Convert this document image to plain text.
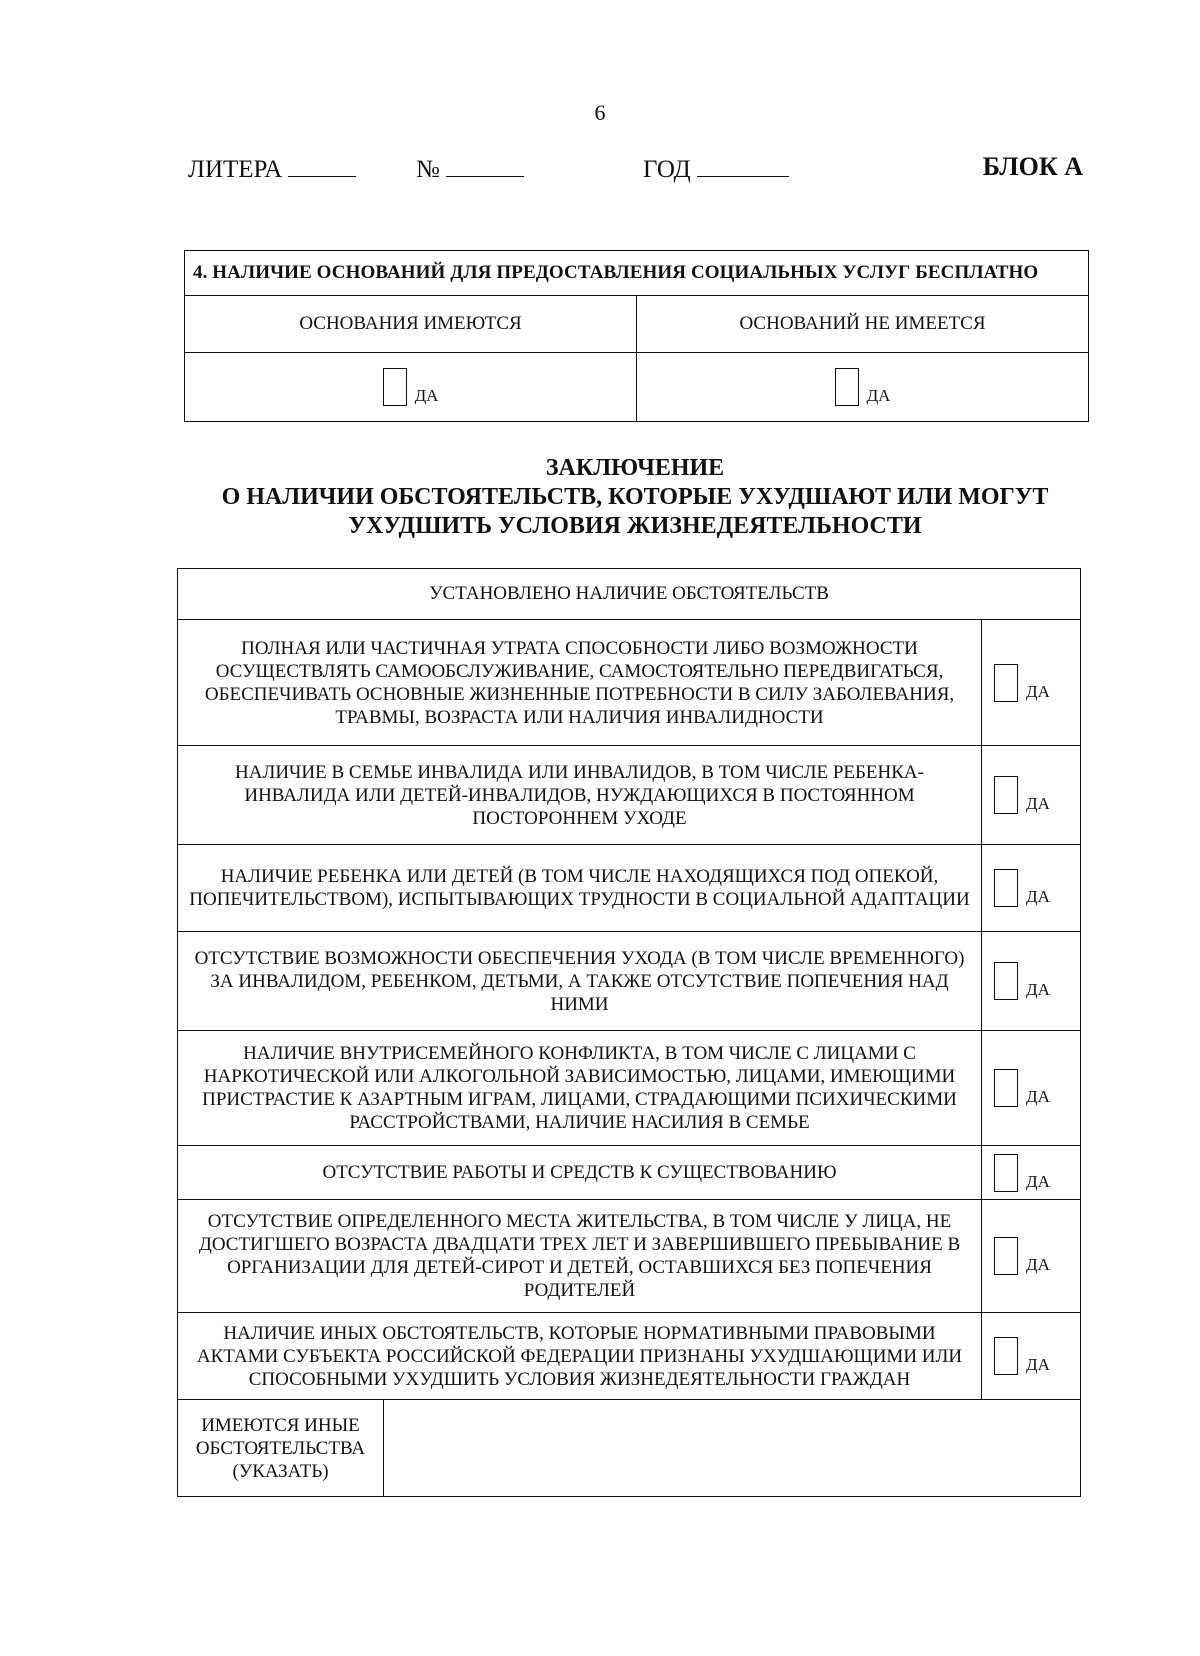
6
ЛИТЕРА	№	ГОД	БЛОК А
4. НАЛИЧИЕ ОСНОВАНИЙ ДЛЯ ПРЕДОСТАВЛЕНИЯ СОЦИАЛЬНЫХ УСЛУГ БЕСПЛАТНО	
ОСНОВАНИЯ ИМЕЮТСЯ	ОСНОВАНИЙ НЕ ИМЕЕТСЯ
ДА	ДА
ЗАКЛЮЧЕНИЕ
О НАЛИЧИИ ОБСТОЯТЕЛЬСТВ, КОТОРЫЕ УХУДШАЮТ ИЛИ МОГУТ
УХУДШИТЬ УСЛОВИЯ ЖИЗНЕДЕЯТЕЛЬНОСТИ
УСТАНОВЛЕНО НАЛИЧИЕ ОБСТОЯТЕЛЬСТВ		
ПОЛНАЯ ИЛИ ЧАСТИЧНАЯ УТРАТА СПОСОБНОСТИ ЛИБО ВОЗМОЖНОСТИ ОСУЩЕСТВЛЯТЬ САМООБСЛУЖИВАНИЕ, САМОСТОЯТЕЛЬНО ПЕРЕДВИГАТЬСЯ, ОБЕСПЕЧИВАТЬ ОСНОВНЫЕ ЖИЗНЕННЫЕ ПОТРЕБНОСТИ В СИЛУ ЗАБОЛЕВАНИЯ, ТРАВМЫ, ВОЗРАСТА ИЛИ НАЛИЧИЯ ИНВАЛИДНОСТИ		ДА
НАЛИЧИЕ В СЕМЬЕ ИНВАЛИДА ИЛИ ИНВАЛИДОВ, В ТОМ ЧИСЛЕ РЕБЕНКА-ИНВАЛИДА ИЛИ ДЕТЕЙ-ИНВАЛИДОВ, НУЖДАЮЩИХСЯ В ПОСТОЯННОМ ПОСТОРОННЕМ УХОДЕ		ДА
НАЛИЧИЕ РЕБЕНКА ИЛИ ДЕТЕЙ (В ТОМ ЧИСЛЕ НАХОДЯЩИХСЯ ПОД ОПЕКОЙ, ПОПЕЧИТЕЛЬСТВОМ), ИСПЫТЫВАЮЩИХ ТРУДНОСТИ В СОЦИАЛЬНОЙ АДАПТАЦИИ		ДА
ОТСУТСТВИЕ ВОЗМОЖНОСТИ ОБЕСПЕЧЕНИЯ УХОДА (В ТОМ ЧИСЛЕ ВРЕМЕННОГО) ЗА ИНВАЛИДОМ, РЕБЕНКОМ, ДЕТЬМИ, А ТАКЖЕ ОТСУТСТВИЕ ПОПЕЧЕНИЯ НАД НИМИ		ДА
НАЛИЧИЕ ВНУТРИСЕМЕЙНОГО КОНФЛИКТА, В ТОМ ЧИСЛЕ С ЛИЦАМИ С НАРКОТИЧЕСКОЙ ИЛИ АЛКОГОЛЬНОЙ ЗАВИСИМОСТЬЮ, ЛИЦАМИ, ИМЕЮЩИМИ ПРИСТРАСТИЕ К АЗАРТНЫМ ИГРАМ, ЛИЦАМИ, СТРАДАЮЩИМИ ПСИХИЧЕСКИМИ РАССТРОЙСТВАМИ, НАЛИЧИЕ НАСИЛИЯ В СЕМЬЕ		ДА
ОТСУТСТВИЕ РАБОТЫ И СРЕДСТВ К СУЩЕСТВОВАНИЮ		ДА
ОТСУТСТВИЕ ОПРЕДЕЛЕННОГО МЕСТА ЖИТЕЛЬСТВА, В ТОМ ЧИСЛЕ У ЛИЦА, НЕ ДОСТИГШЕГО ВОЗРАСТА ДВАДЦАТИ ТРЕХ ЛЕТ И ЗАВЕРШИВШЕГО ПРЕБЫВАНИЕ В ОРГАНИЗАЦИИ ДЛЯ ДЕТЕЙ-СИРОТ И ДЕТЕЙ, ОСТАВШИХСЯ БЕЗ ПОПЕЧЕНИЯ РОДИТЕЛЕЙ		ДА
НАЛИЧИЕ ИНЫХ ОБСТОЯТЕЛЬСТВ, КОТОРЫЕ НОРМАТИВНЫМИ ПРАВОВЫМИ АКТАМИ СУБЪЕКТА РОССИЙСКОЙ ФЕДЕРАЦИИ ПРИЗНАНЫ УХУДШАЮЩИМИ ИЛИ СПОСОБНЫМИ УХУДШИТЬ УСЛОВИЯ ЖИЗНЕДЕЯТЕЛЬНОСТИ ГРАЖДАН		ДА
ИМЕЮТСЯ ИНЫЕ ОБСТОЯТЕЛЬСТВА (УКАЗАТЬ)		
